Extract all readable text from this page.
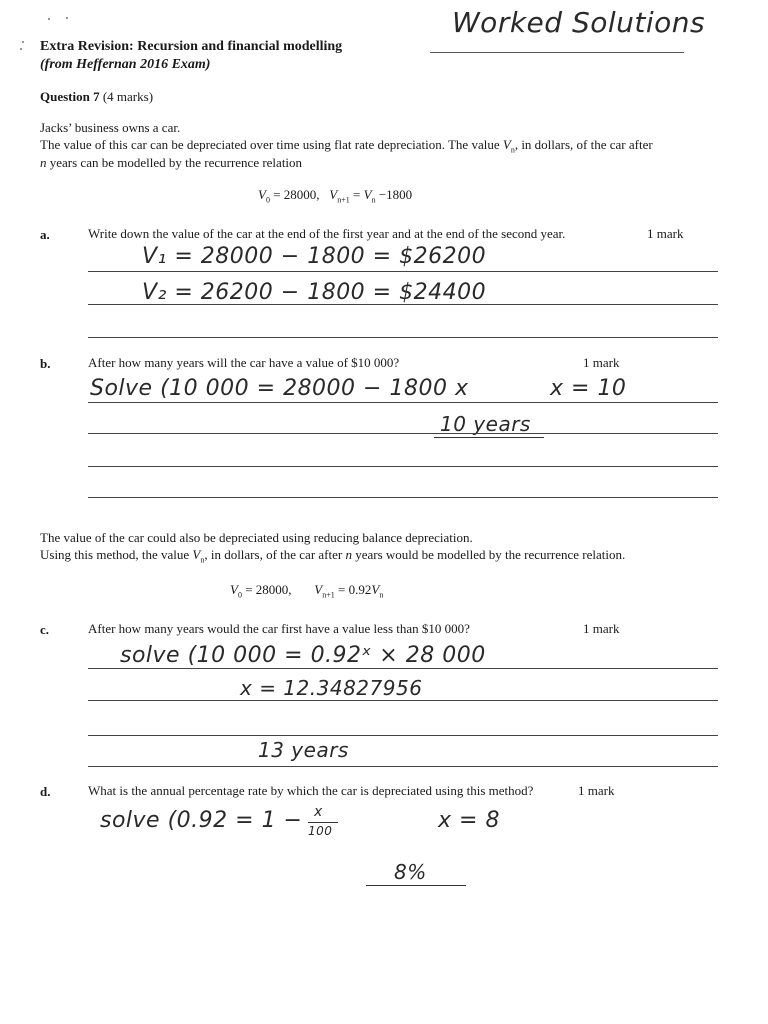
Extra Revision: Recursion and financial modelling
(from Heffernan 2016 Exam)
Worked Solutions
Question 7 (4 marks)
Jacks’ business owns a car.
The value of this car can be depreciated over time using flat rate depreciation. The value $V_n$, in dollars, of the car after
n years can be modelled by the recurrence relation
$V_0 = 28000$, $V_{n+1} = V_n -1800$
a.	Write down the value of the car at the end of the first year and at the end of the second year.	1 mark
V₁ = 28000 − 1800 = $26200
V₂ = 26200 − 1800 = $24400
b.	After how many years will the car have a value of $10 000?	1 mark
Solve (10 000 = 28000 − 1800 x	x = 10
10 years
The value of the car could also be depreciated using reducing balance depreciation.
Using this method, the value $V_n$, in dollars, of the car after n years would be modelled by the recurrence relation.
$V_0 = 28000$,       $V_{n+1} = 0.92V_n$
c.	After how many years would the car first have a value less than $10 000?	1 mark
solve (10 000 = 0.92ˣ × 28 000
x = 12.34827956
13 years
d.	What is the annual percentage rate by which the car is depreciated using this method?	1 mark
solve (0.92 = 1 − x
100	x = 8
8%
